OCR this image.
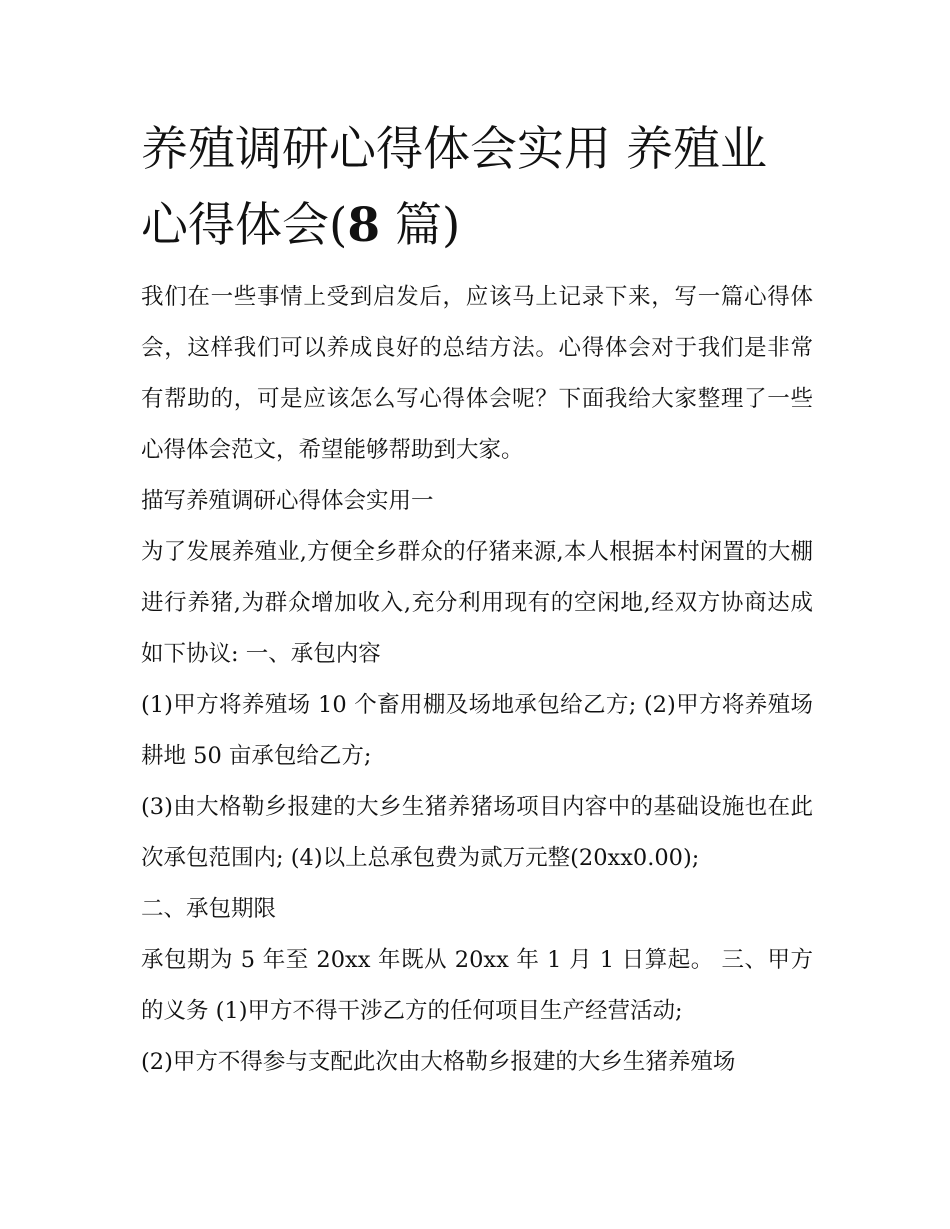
养殖调研心得体会实用 养殖业心得体会(8 篇)

我们在一些事情上受到启发后，应该马上记录下来，写一篇心得体会，这样我们可以养成良好的总结方法。心得体会对于我们是非常有帮助的，可是应该怎么写心得体会呢？下面我给大家整理了一些心得体会范文，希望能够帮助到大家。

描写养殖调研心得体会实用一

为了发展养殖业,方便全乡群众的仔猪来源,本人根据本村闲置的大棚进行养猪,为群众增加收入,充分利用现有的空闲地,经双方协商达成如下协议: 一、承包内容

(1)甲方将养殖场 10 个畜用棚及场地承包给乙方; (2)甲方将养殖场耕地 50 亩承包给乙方;

(3)由大格勒乡报建的大乡生猪养猪场项目内容中的基础设施也在此次承包范围内; (4)以上总承包费为贰万元整(20xx0.00);

二、承包期限

承包期为 5 年至 20xx 年既从 20xx 年 1 月 1 日算起。 三、甲方的义务 (1)甲方不得干涉乙方的任何项目生产经营活动;

(2)甲方不得参与支配此次由大格勒乡报建的大乡生猪养殖场
